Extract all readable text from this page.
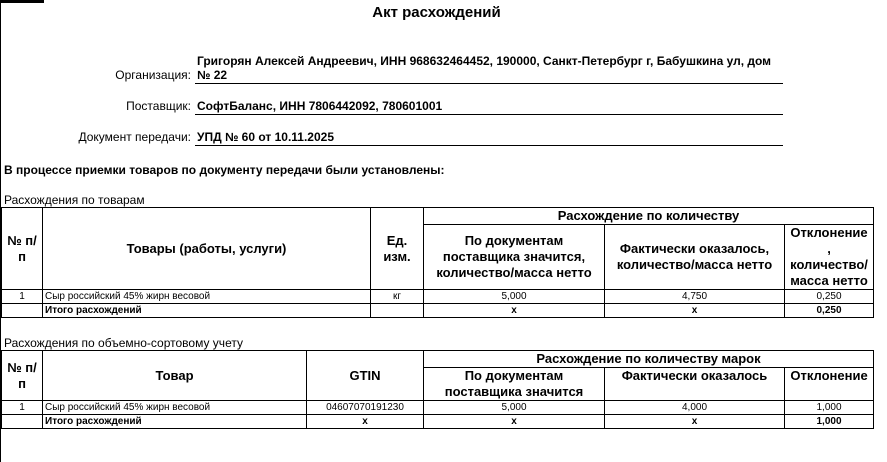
Акт расхождений
Григорян Алексей Андреевич, ИНН 968632464452, 190000, Санкт-Петербург г, Бабушкина ул, дом
Организация: № 22
Поставщик: СофтБаланс, ИНН 7806442092, 780601001
Документ передачи: УПД № 60 от 10.11.2025
В процессе приемки товаров по документу передачи были установлены:
Расхождения по товарам
№ п/п	Товары (работы, услуги)	Ед. изм.	Расхождение по количеству		
			По документам поставщика значится, количество/масса нетто	Фактически оказалось, количество/масса нетто	Отклонение , количество/ масса нетто
1	Сыр российский 45% жирн весовой	кг	5,000	4,750	0,250
	Итого расхождений		х	х	0,250
Расхождения по объемно-сортовому учету
№ п/п	Товар	GTIN	Расхождение по количеству марок		
			По документам поставщика значится	Фактически оказалось	Отклонение
1	Сыр российский 45% жирн весовой	04607070191230	5,000	4,000	1,000
	Итого расхождений	х	х	х	1,000
